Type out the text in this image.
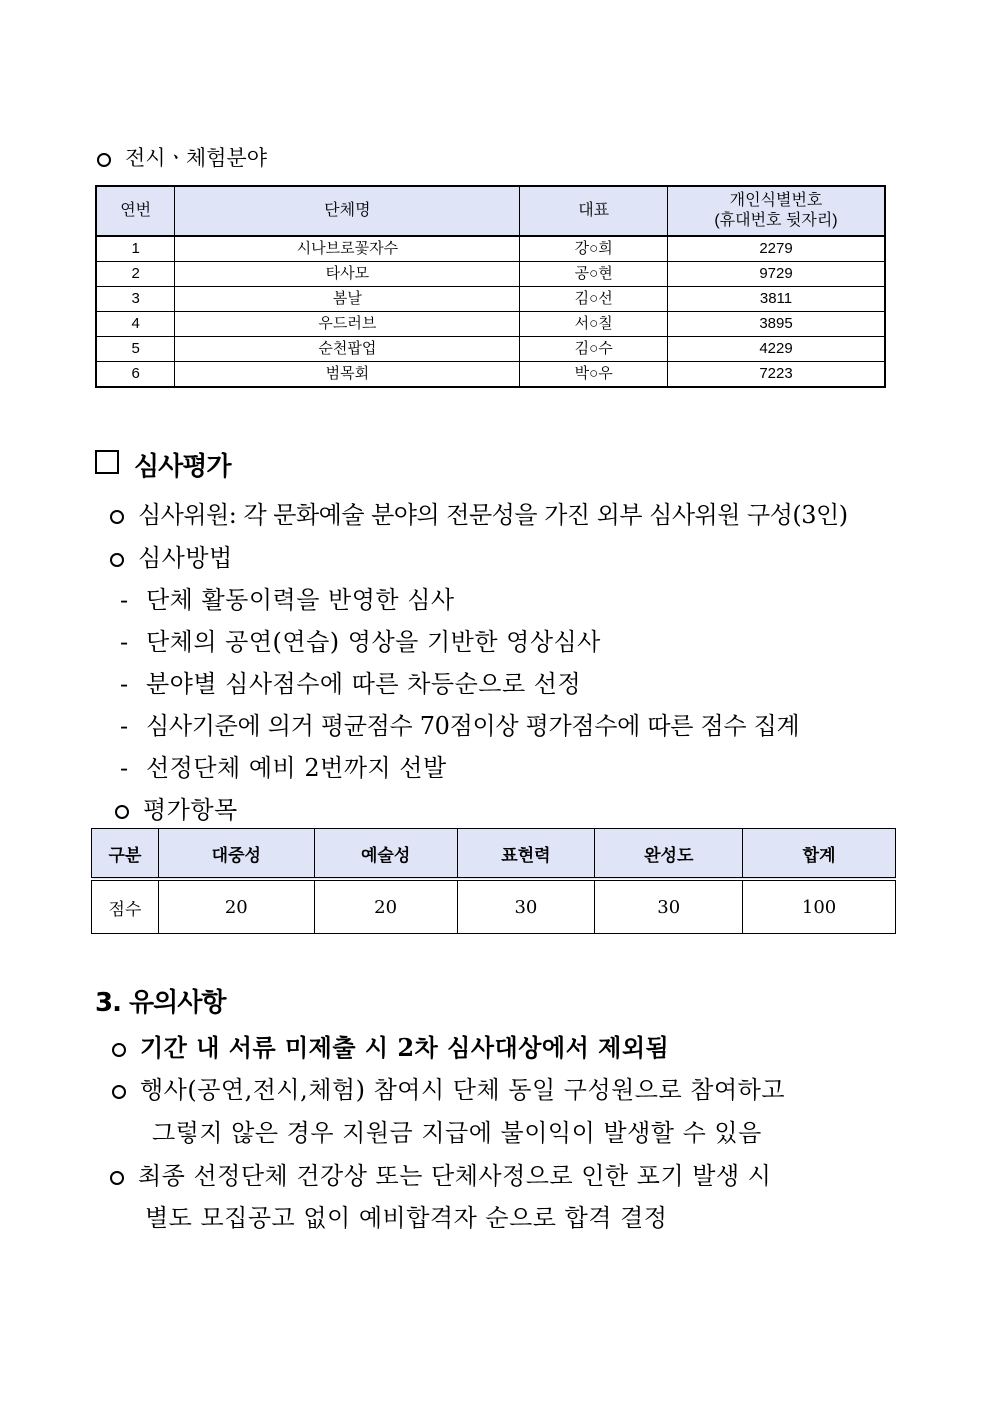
전시ㆍ체험분야
연번	단체명	대표	개인식별번호
(휴대번호 뒷자리)

1	시나브로꽃자수	강○희	2279
2	타사모	공○현	9729
3	봄날	김○선	3811
4	우드러브	서○칠	3895
5	순천팝업	김○수	4229
6	범목회	박○우	7223
심사평가
심사위원: 각 문화예술 분야의 전문성을 가진 외부 심사위원 구성(3인)
심사방법
- 단체 활동이력을 반영한 심사
- 단체의 공연(연습) 영상을 기반한 영상심사
- 분야별 심사점수에 따른 차등순으로 선정
- 심사기준에 의거 평균점수 70점이상 평가점수에 따른 점수 집계
- 선정단체 예비 2번까지 선발
평가항목
구분	대중성	예술성	표현력	완성도	합계
점수	20	20	30	30	100
3. 유의사항
기간 내 서류 미제출 시 2차 심사대상에서 제외됨
행사(공연,전시,체험) 참여시 단체 동일 구성원으로 참여하고
그렇지 않은 경우 지원금 지급에 불이익이 발생할 수 있음
최종 선정단체 건강상 또는 단체사정으로 인한 포기 발생 시
별도 모집공고 없이 예비합격자 순으로 합격 결정
